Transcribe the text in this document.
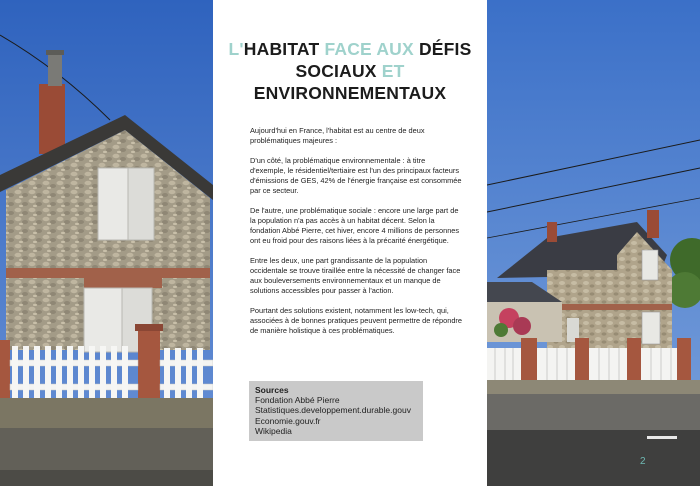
L'HABITAT FACE AUX DÉFIS
SOCIAUX ET
ENVIRONNEMENTAUX

Aujourd'hui en France, l'habitat est au centre de deux problématiques majeures :

D'un côté, la problématique environnementale : à titre d'exemple, le résidentiel/tertiaire est l'un des principaux facteurs d'émissions de GES, 42% de l'énergie française est consommée par ce secteur.

De l'autre, une problématique sociale : encore une large part de la population n'a pas accès à un habitat décent. Selon la fondation Abbé Pierre, cet hiver, encore 4 millions de personnes ont eu froid pour des raisons liées à la précarité énergétique.

Entre les deux, une part grandissante de la population occidentale se trouve tiraillée entre la nécessité de changer face aux bouleversements environnementaux et un manque de solutions accessibles pour passer à l'action.

Pourtant des solutions existent, notamment les low-tech, qui, associées à de bonnes pratiques peuvent permettre de répondre de manière holistique à ces problématiques.

Sources
Fondation Abbé Pierre
Statistiques.developpement.durable.gouv
Economie.gouv.fr
Wikipedia
2
